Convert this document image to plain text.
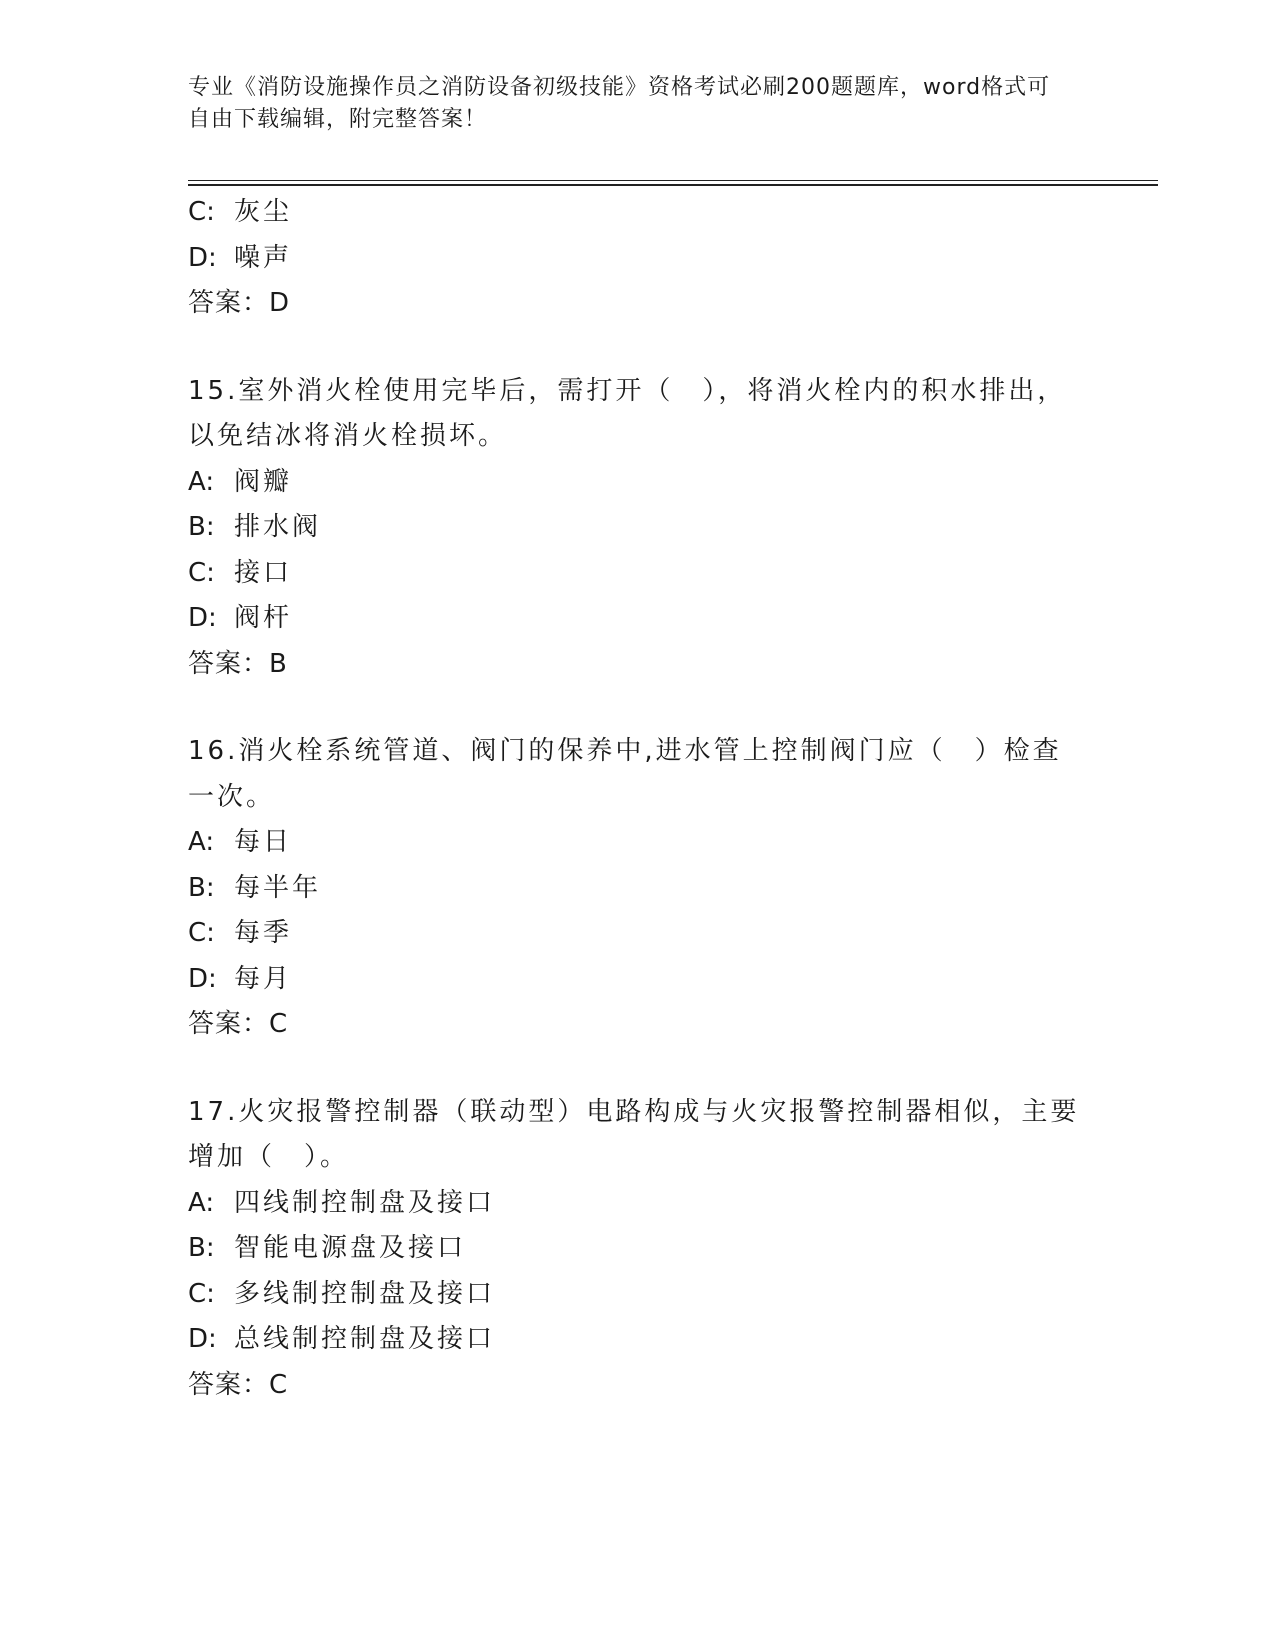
专业《消防设施操作员之消防设备初级技能》资格考试必刷200题题库，word格式可自由下载编辑，附完整答案！
C: 灰尘
D: 噪声
答案：D
15.室外消火栓使用完毕后，需打开（　），将消火栓内的积水排出，
以免结冰将消火栓损坏。
A: 阀瓣
B: 排水阀
C: 接口
D: 阀杆
答案：B
16.消火栓系统管道、阀门的保养中,进水管上控制阀门应（　）检查
一次。
A: 每日
B: 每半年
C: 每季
D: 每月
答案：C
17.火灾报警控制器（联动型）电路构成与火灾报警控制器相似，主要
增加（　）。
A: 四线制控制盘及接口
B: 智能电源盘及接口
C: 多线制控制盘及接口
D: 总线制控制盘及接口
答案：C
